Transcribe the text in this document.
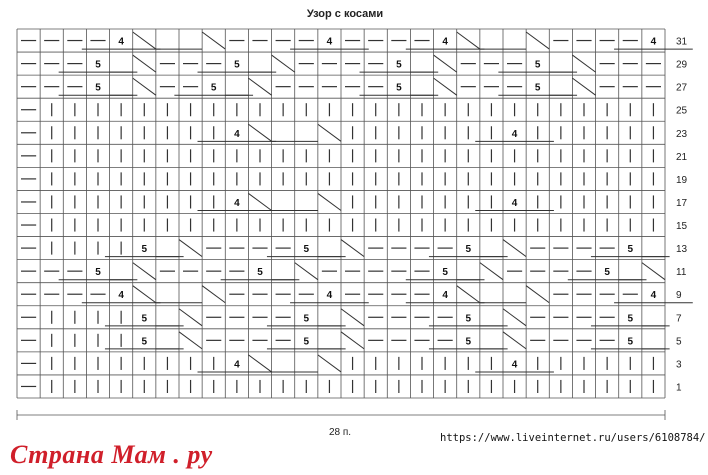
Узор с косами
4	4	4	4
5	5	5	5
5	5	5	5
4	4
4	4
5	5	5	5
5	5	5	5
4	4	4	4
5	5	5	5
5	5	5	5
4	4
31
29
27
25
23
21
19
17
15
13
11
9
7
5
3
1
28 п.
Страна Мам . ру
https://www.liveinternet.ru/users/6108784/
